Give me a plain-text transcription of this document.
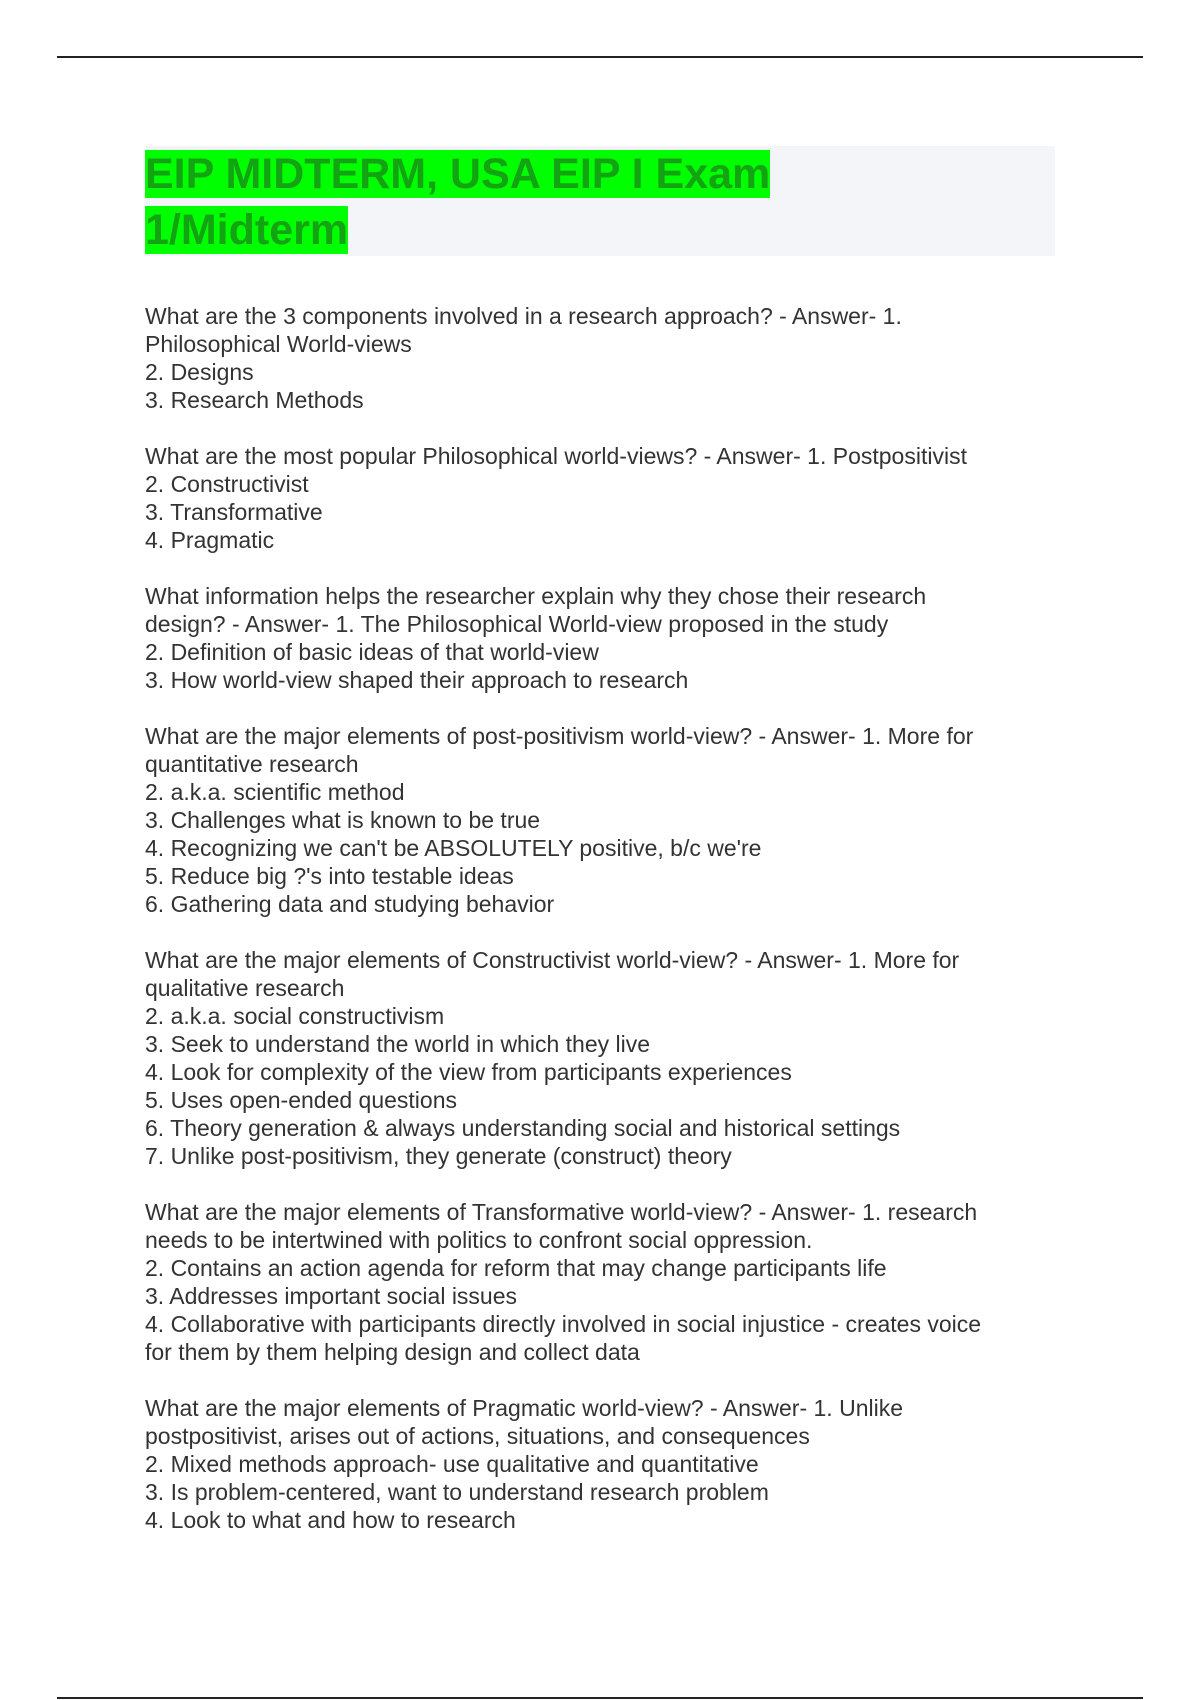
EIP MIDTERM, USA EIP I Exam 1/Midterm
What are the 3 components involved in a research approach? - Answer- 1.
Philosophical World-views
2. Designs
3. Research Methods
What are the most popular Philosophical world-views? - Answer- 1. Postpositivist
2. Constructivist
3. Transformative
4. Pragmatic
What information helps the researcher explain why they chose their research
design? - Answer- 1. The Philosophical World-view proposed in the study
2. Definition of basic ideas of that world-view
3. How world-view shaped their approach to research
What are the major elements of post-positivism world-view? - Answer- 1. More for
quantitative research
2. a.k.a. scientific method
3. Challenges what is known to be true
4. Recognizing we can't be ABSOLUTELY positive, b/c we're
5. Reduce big ?'s into testable ideas
6. Gathering data and studying behavior
What are the major elements of Constructivist world-view? - Answer- 1. More for
qualitative research
2. a.k.a. social constructivism
3. Seek to understand the world in which they live
4. Look for complexity of the view from participants experiences
5. Uses open-ended questions
6. Theory generation & always understanding social and historical settings
7. Unlike post-positivism, they generate (construct) theory
What are the major elements of Transformative world-view? - Answer- 1. research
needs to be intertwined with politics to confront social oppression.
2. Contains an action agenda for reform that may change participants life
3. Addresses important social issues
4. Collaborative with participants directly involved in social injustice - creates voice
for them by them helping design and collect data
What are the major elements of Pragmatic world-view? - Answer- 1. Unlike
postpositivist, arises out of actions, situations, and consequences
2. Mixed methods approach- use qualitative and quantitative
3. Is problem-centered, want to understand research problem
4. Look to what and how to research
